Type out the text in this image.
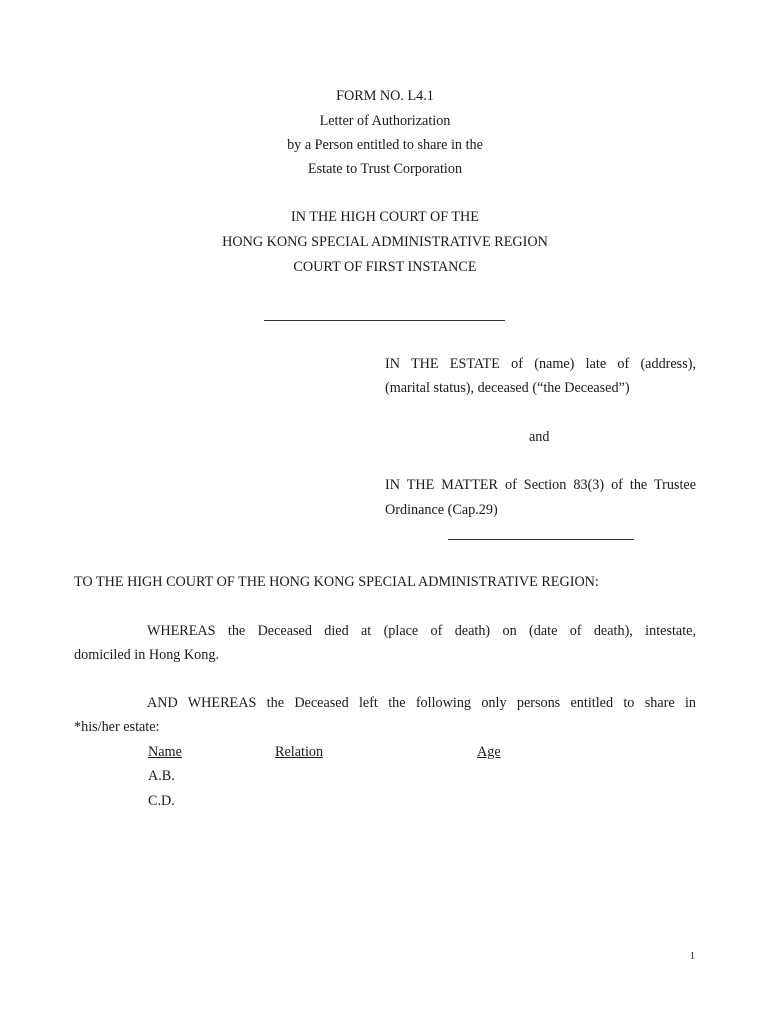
FORM NO. L4.1
Letter of Authorization
by a Person entitled to share in the
Estate to Trust Corporation
IN THE HIGH COURT OF THE
HONG KONG SPECIAL ADMINISTRATIVE REGION
COURT OF FIRST INSTANCE
IN THE ESTATE of (name) late of (address),
(marital status), deceased (“the Deceased”)
and
IN THE MATTER of Section 83(3) of the Trustee
Ordinance (Cap.29)
TO THE HIGH COURT OF THE HONG KONG SPECIAL ADMINISTRATIVE REGION:
WHEREAS the Deceased died at (place of death) on (date of death), intestate,
domiciled in Hong Kong.
AND WHEREAS the Deceased left the following only persons entitled to share in
*his/her estate:
Name	Relation	Age
A.B.
C.D.
1
